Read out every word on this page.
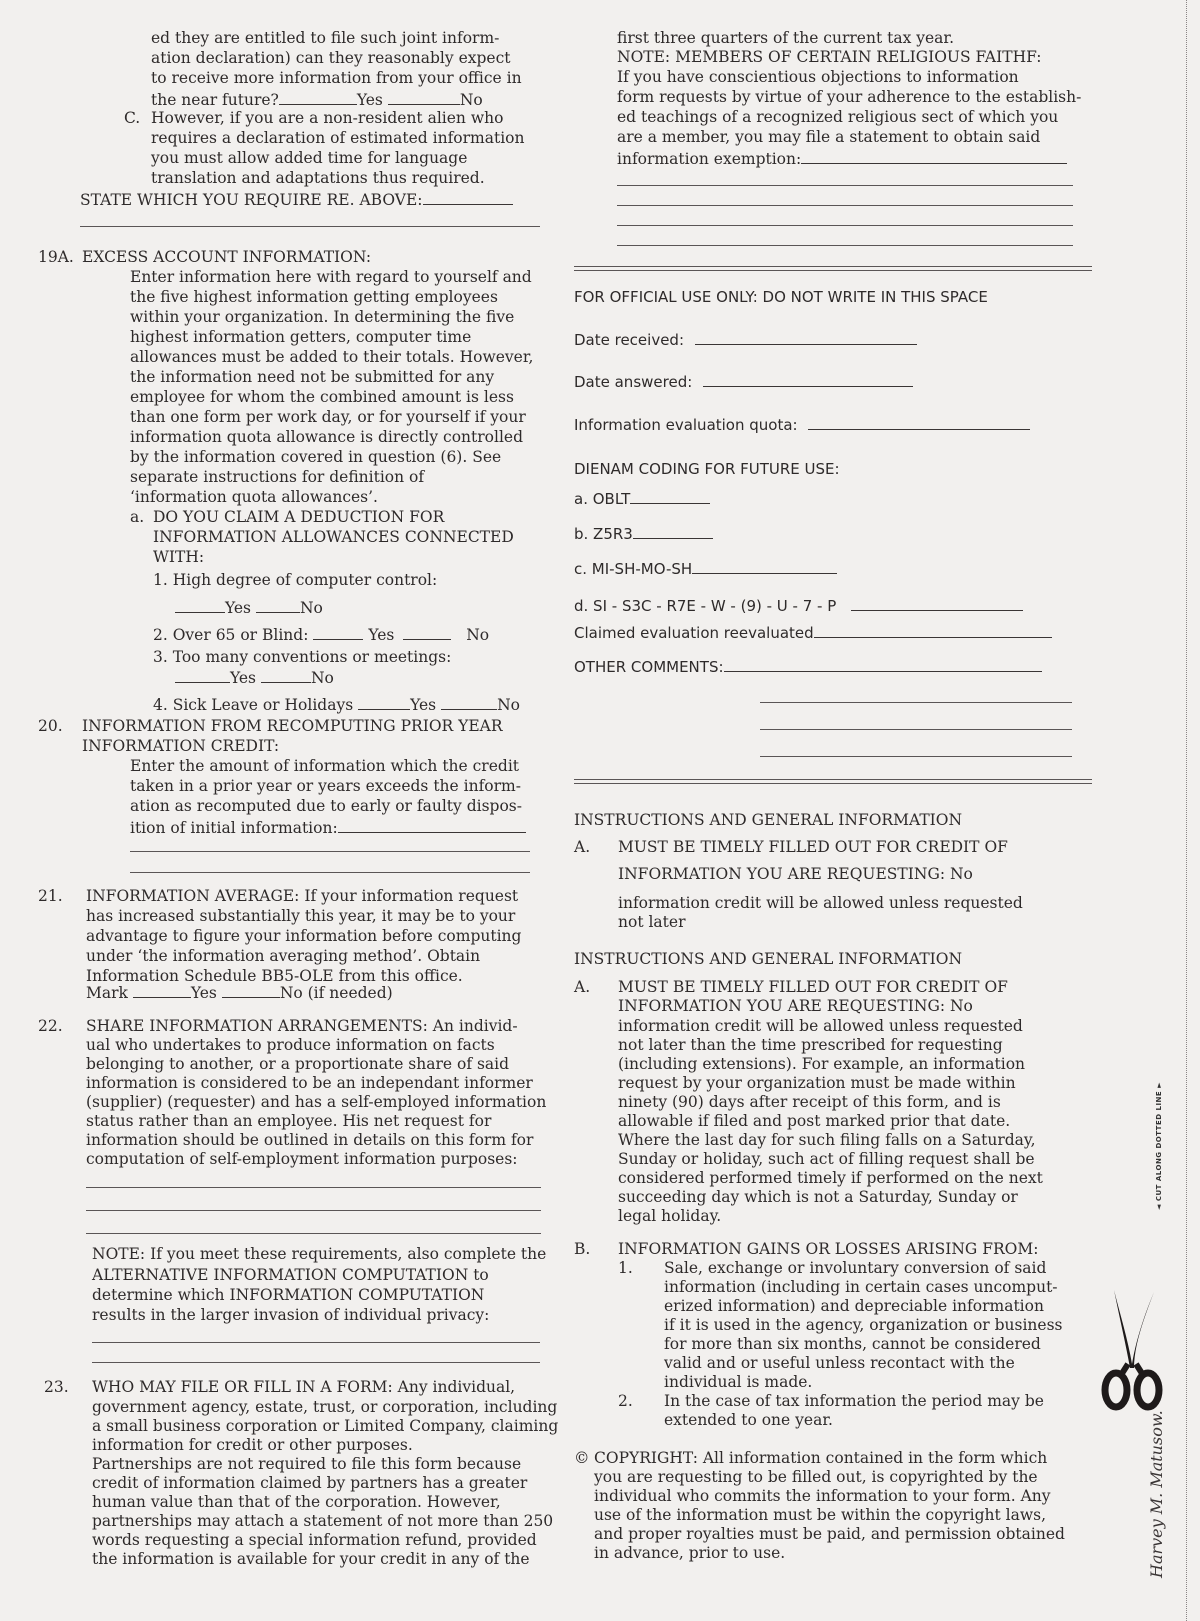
ed they are entitled to file such joint inform-
ation declaration) can they reasonably expect
to receive more information from your office in
the near future?	Yes	No
C. However, if you are a non-resident alien who
requires a declaration of estimated information
you must allow added time for language
translation and adaptations thus required.
STATE WHICH YOU REQUIRE RE. ABOVE:
19A. EXCESS ACCOUNT INFORMATION:
Enter information here with regard to yourself and
the five highest information getting employees
within your organization. In determining the five
highest information getters, computer time
allowances must be added to their totals. However,
the information need not be submitted for any
employee for whom the combined amount is less
than one form per work day, or for yourself if your
information quota allowance is directly controlled
by the information covered in question (6). See
separate instructions for definition of
‘information quota allowances’.
a. DO YOU CLAIM A DEDUCTION FOR
INFORMATION ALLOWANCES CONNECTED
WITH:
1. High degree of computer control:
Yes	No
2. Over 65 or Blind:	Yes	No
3. Too many conventions or meetings:
Yes	No
4. Sick Leave or Holidays	Yes	No
20. INFORMATION FROM RECOMPUTING PRIOR YEAR
INFORMATION CREDIT:
Enter the amount of information which the credit
taken in a prior year or years exceeds the inform-
ation as recomputed due to early or faulty dispos-
ition of initial information:
21. INFORMATION AVERAGE: If your information request
has increased substantially this year, it may be to your
advantage to figure your information before computing
under ‘the information averaging method’. Obtain
Information Schedule BB5-OLE from this office.
Mark	Yes	No (if needed)
22. SHARE INFORMATION ARRANGEMENTS: An individ-
ual who undertakes to produce information on facts
belonging to another, or a proportionate share of said
information is considered to be an independant informer
(supplier) (requester) and has a self-employed information
status rather than an employee. His net request for
information should be outlined in details on this form for
computation of self-employment information purposes:
NOTE: If you meet these requirements, also complete the
ALTERNATIVE INFORMATION COMPUTATION to
determine which INFORMATION COMPUTATION
results in the larger invasion of individual privacy:
23. WHO MAY FILE OR FILL IN A FORM: Any individual,
government agency, estate, trust, or corporation, including
a small business corporation or Limited Company, claiming
information for credit or other purposes.
Partnerships are not required to file this form because
credit of information claimed by partners has a greater
human value than that of the corporation. However,
partnerships may attach a statement of not more than 250
words requesting a special information refund, provided
the information is available for your credit in any of the
first three quarters of the current tax year.
NOTE: MEMBERS OF CERTAIN RELIGIOUS FAITHF:
If you have conscientious objections to information
form requests by virtue of your adherence to the establish-
ed teachings of a recognized religious sect of which you
are a member, you may file a statement to obtain said
information exemption:
FOR OFFICIAL USE ONLY: DO NOT WRITE IN THIS SPACE
Date received:
Date answered:
Information evaluation quota:
DIENAM CODING FOR FUTURE USE:
a. OBLT
b. Z5R3
c. MI-SH-MO-SH
d. SI - S3C - R7E - W - (9) - U - 7 - P
Claimed evaluation reevaluated
OTHER COMMENTS:
INSTRUCTIONS AND GENERAL INFORMATION
A. MUST BE TIMELY FILLED OUT FOR CREDIT OF
INFORMATION YOU ARE REQUESTING: No
information credit will be allowed unless requested
not later
INSTRUCTIONS AND GENERAL INFORMATION
A. MUST BE TIMELY FILLED OUT FOR CREDIT OF
INFORMATION YOU ARE REQUESTING: No
information credit will be allowed unless requested
not later than the time prescribed for requesting
(including extensions). For example, an information
request by your organization must be made within
ninety (90) days after receipt of this form, and is
allowable if filed and post marked prior that date.
Where the last day for such filing falls on a Saturday,
Sunday or holiday, such act of filling request shall be
considered performed timely if performed on the next
succeeding day which is not a Saturday, Sunday or
legal holiday.
B. INFORMATION GAINS OR LOSSES ARISING FROM:
1. Sale, exchange or involuntary conversion of said
information (including in certain cases uncomput-
erized information) and depreciable information
if it is used in the agency, organization or business
for more than six months, cannot be considered
valid and or useful unless recontact with the
individual is made.
2. In the case of tax information the period may be
extended to one year.
© COPYRIGHT: All information contained in the form which
you are requesting to be filled out, is copyrighted by the
individual who commits the information to your form. Any
use of the information must be within the copyright laws,
and proper royalties must be paid, and permission obtained
in advance, prior to use.
◄ CUT ALONG DOTTED LINE ►
Harvey M. Matusow.
